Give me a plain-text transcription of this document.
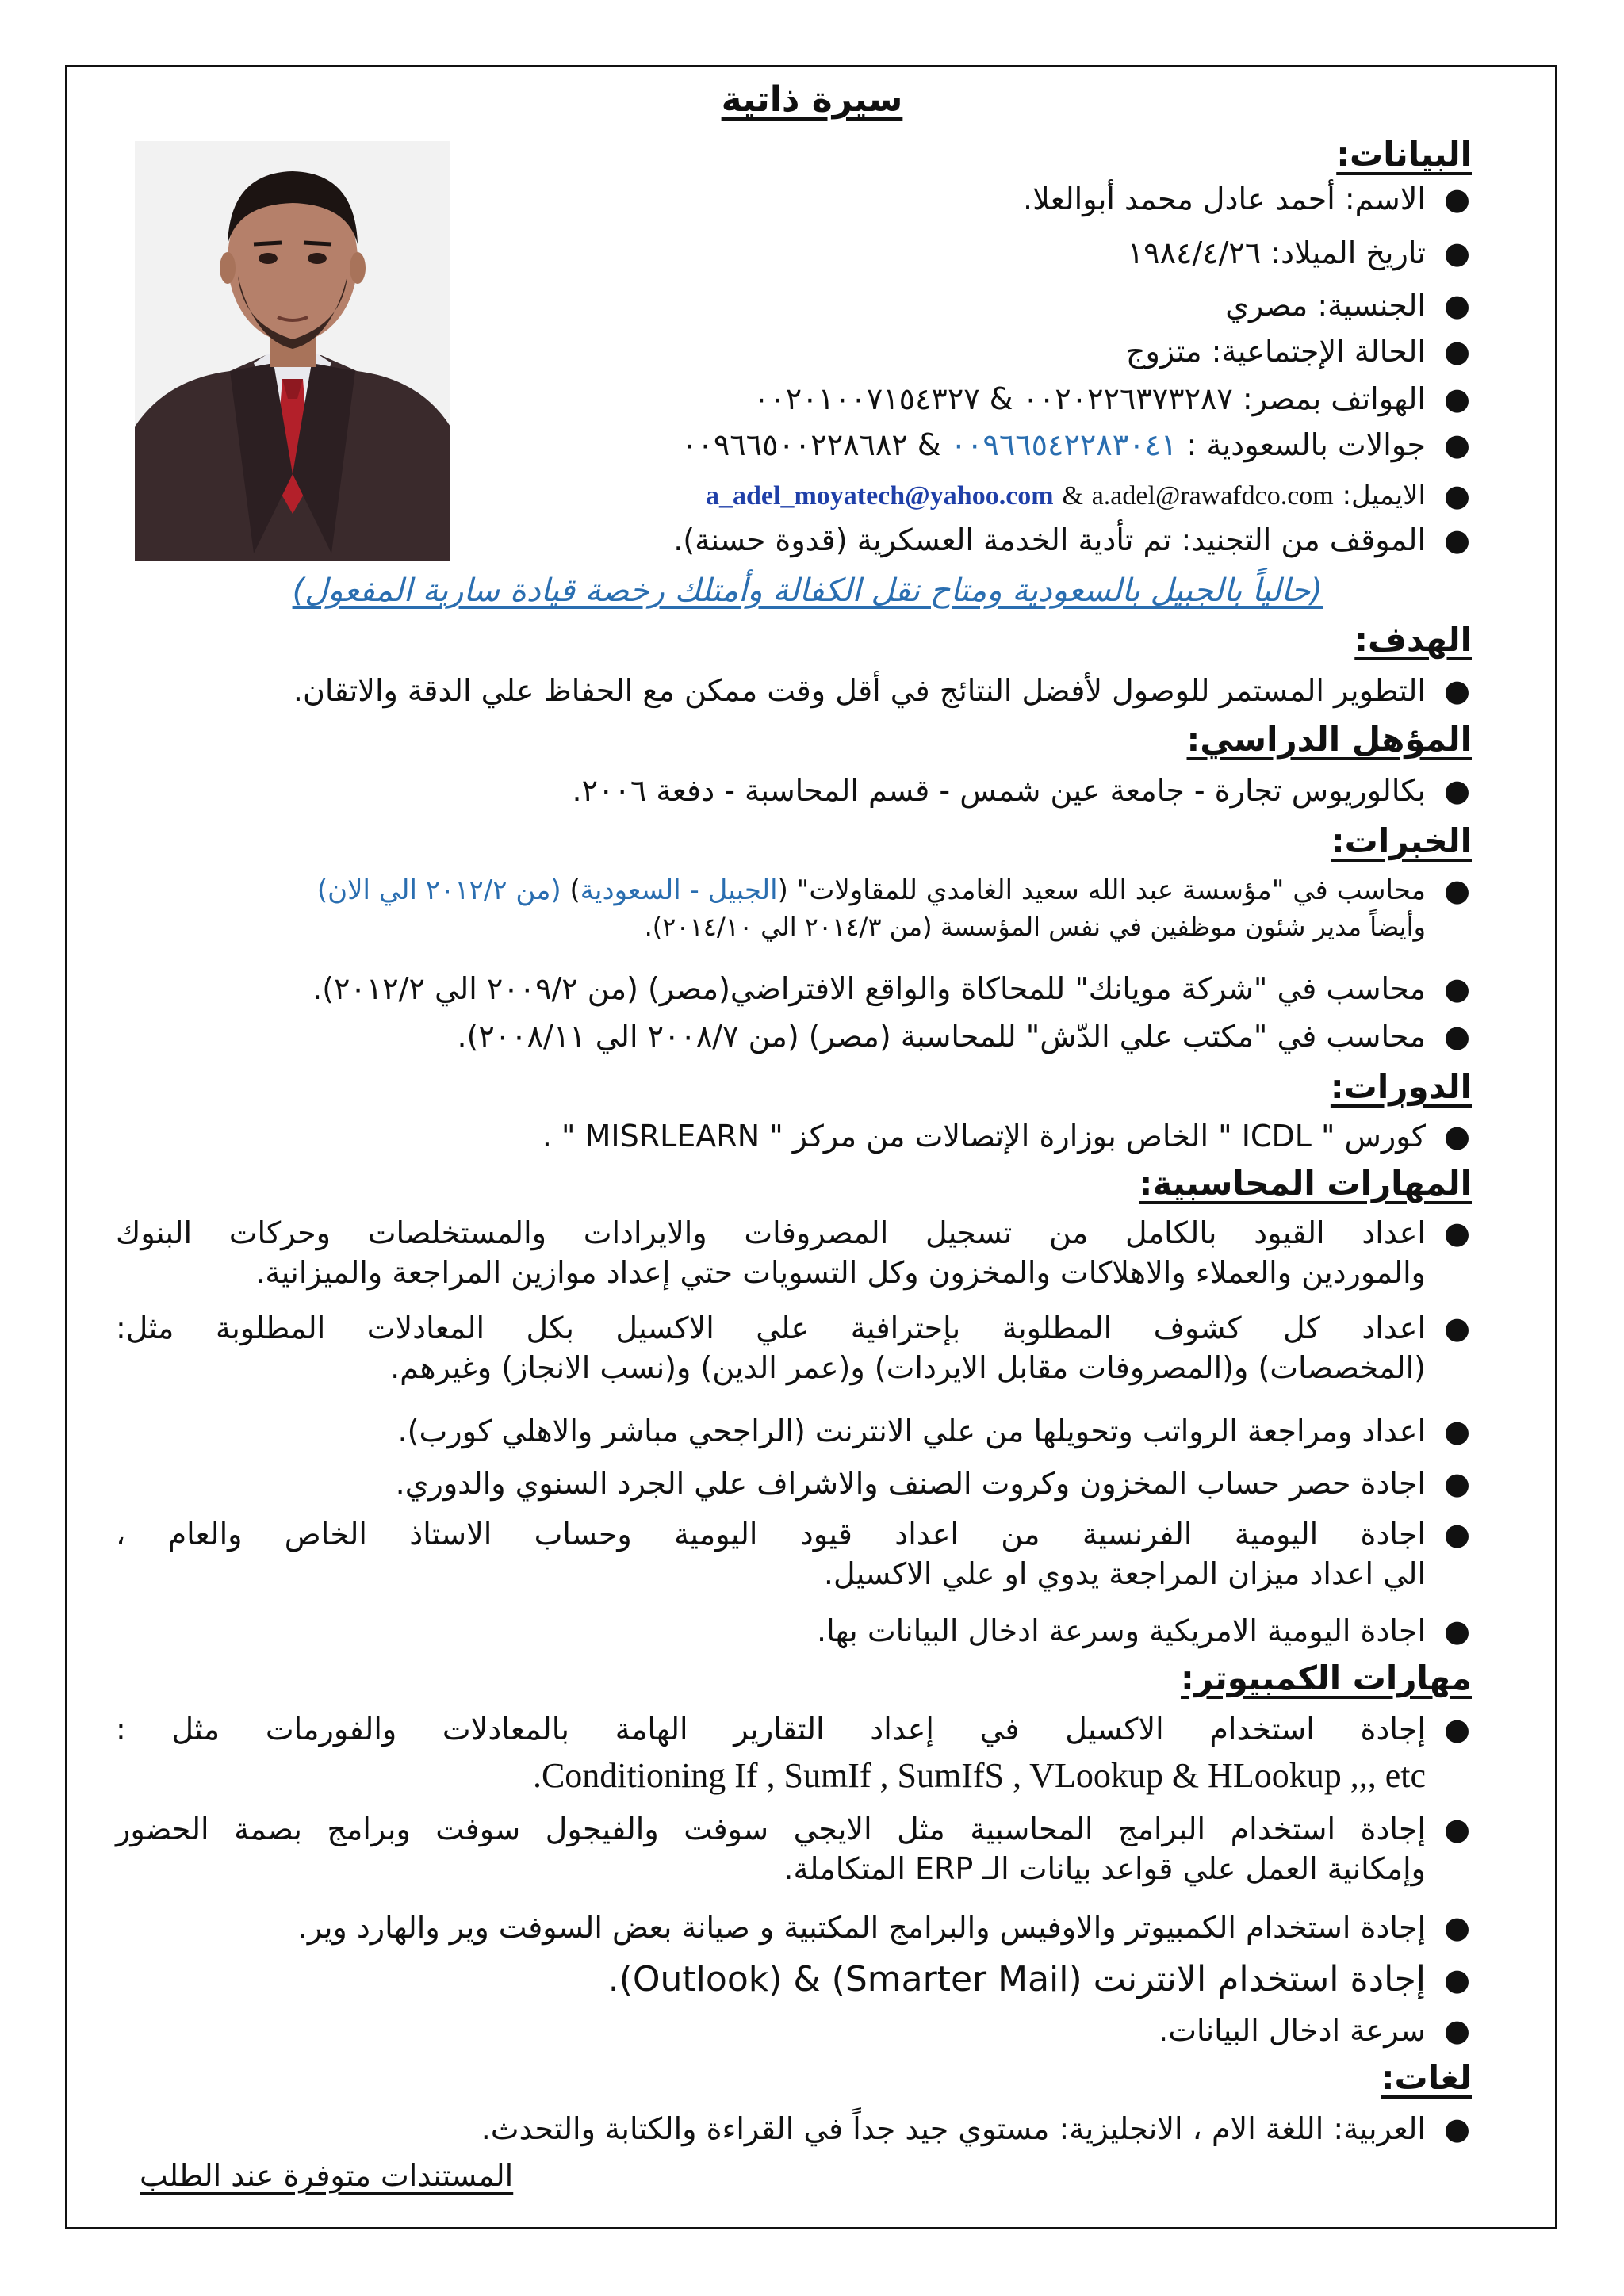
سيرة ذاتية
البيانات:
●
الاسم: أحمد عادل محمد أبوالعلا.
●
تاريخ الميلاد: ١٩٨٤/٤/٢٦
●
الجنسية: مصري
●
الحالة الإجتماعية: متزوج
●
الهواتف بمصر: ٠٠٢٠٢٢٦٣٧٣٢٨٧ & ٠٠٢٠١٠٠٧١٥٤٣٢٧
●
جوالات بالسعودية : ٠٠٩٦٦٥٤٢٢٨٣٠٤١ & ٠٠٩٦٦٥٠٠٢٢٨٦٨٢
●
الايميل: a_adel_moyatech@yahoo.com & a.adel@rawafdco.com
●
الموقف من التجنيد: تم تأدية الخدمة العسكرية (قدوة حسنة).
(حالياً بالجبيل بالسعودية ومتاح نقل الكفالة وأمتلك رخصة قيادة سارية المفعول)
الهدف:
●
التطوير المستمر للوصول لأفضل النتائج في أقل وقت ممكن مع الحفاظ علي الدقة والاتقان.
المؤهل الدراسي:
●
بكالوريوس تجارة - جامعة عين شمس - قسم المحاسبة - دفعة ٢٠٠٦.
الخبرات:
●
محاسب في "مؤسسة عبد الله سعيد الغامدي للمقاولات" (الجبيل - السعودية) (من ٢٠١٢/٢ الي الان)
وأيضاً مدير شئون موظفين في نفس المؤسسة (من ٢٠١٤/٣ الي ٢٠١٤/١٠).
●
محاسب في "شركة مويانك" للمحاكاة والواقع الافتراضي(مصر) (من ٢٠٠٩/٢ الي ٢٠١٢/٢).
●
محاسب في "مكتب علي الدّش" للمحاسبة (مصر) (من ٢٠٠٨/٧ الي ٢٠٠٨/١١).
الدورات:
●
كورس " ICDL " الخاص بوزارة الإتصالات من مركز " MISRLEARN " .
المهارات المحاسبية:
●
اعداد القيود بالكامل من تسجيل المصروفات والايرادات والمستخلصات وحركات البنوك
والموردين والعملاء والاهلاكات والمخزون وكل التسويات حتي إعداد موازين المراجعة والميزانية.
●
اعداد كل كشوف المطلوبة بإحترافية علي الاكسيل بكل المعادلات المطلوبة مثل:
(المخصصات) و(المصروفات مقابل الايردات) و(عمر الدين) و(نسب الانجاز) وغيرهم.
●
اعداد ومراجعة الرواتب وتحويلها من علي الانترنت (الراجحي مباشر والاهلي كورب).
●
اجادة حصر حساب المخزون وكروت الصنف والاشراف علي الجرد السنوي والدوري.
●
اجادة اليومية الفرنسية من اعداد قيود اليومية وحساب الاستاذ الخاص والعام ،
الي اعداد ميزان المراجعة يدوي او علي الاكسيل.
●
اجادة اليومية الامريكية وسرعة ادخال البيانات بها.
مهارات الكمبيوتر:
●
إجادة استخدام الاكسيل في إعداد التقارير الهامة بالمعادلات والفورمات مثل :
Conditioning If , SumIf , SumIfS , VLookup & HLookup ,,, etc.
●
إجادة استخدام البرامج المحاسبية مثل الايجي سوفت والفيجول سوفت وبرامج بصمة الحضور
وإمكانية العمل علي قواعد بيانات الـ ERP المتكاملة.
●
إجادة استخدام الكمبيوتر والاوفيس والبرامج المكتبية و صيانة بعض السوفت وير والهارد وير.
●
إجادة استخدام الانترنت (Smarter Mail) & (Outlook).
●
سرعة ادخال البيانات.
لغات:
●
العربية: اللغة الام ، الانجليزية: مستوي جيد جداً في القراءة والكتابة والتحدث.
المستندات متوفرة عند الطلب
